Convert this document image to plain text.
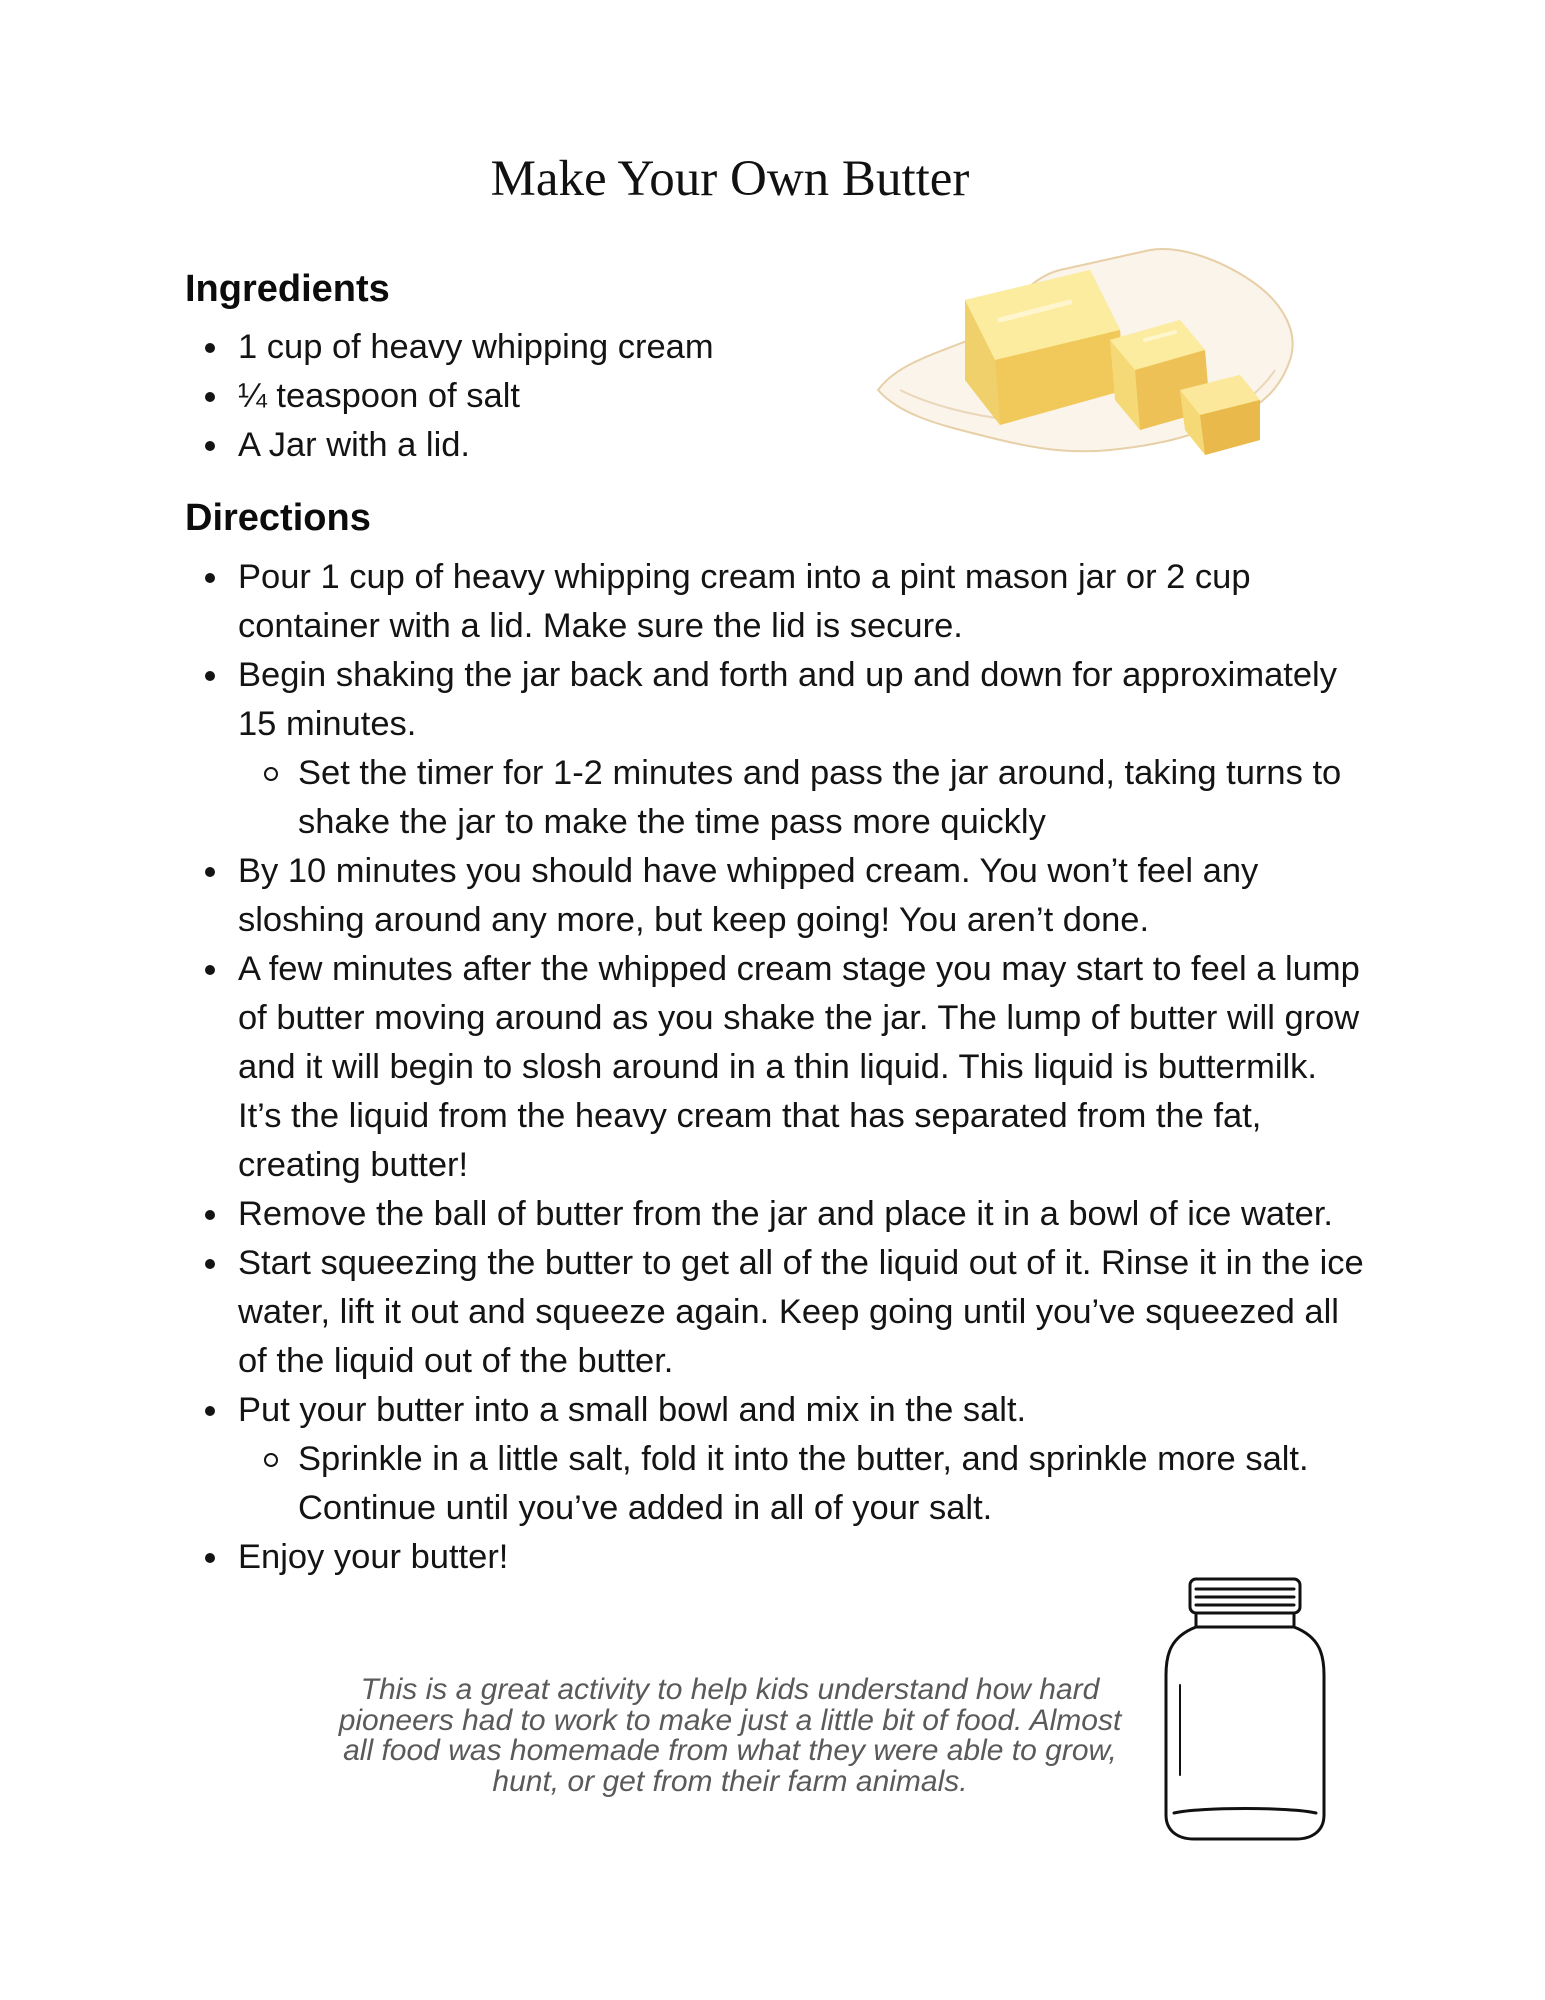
Make Your Own Butter
Ingredients
1 cup of heavy whipping cream
¼ teaspoon of salt
A Jar with a lid.
Directions
Pour 1 cup of heavy whipping cream into a pint mason jar or 2 cup container with a lid. Make sure the lid is secure.
Begin shaking the jar back and forth and up and down for approximately 15 minutes.
Set the timer for 1-2 minutes and pass the jar around, taking turns to shake the jar to make the time pass more quickly
By 10 minutes you should have whipped cream. You won’t feel any sloshing around any more, but keep going! You aren’t done.
A few minutes after the whipped cream stage you may start to feel a lump of butter moving around as you shake the jar. The lump of butter will grow and it will begin to slosh around in a thin liquid. This liquid is buttermilk. It’s the liquid from the heavy cream that has separated from the fat, creating butter!
Remove the ball of butter from the jar and place it in a bowl of ice water.
Start squeezing the butter to get all of the liquid out of it. Rinse it in the ice water, lift it out and squeeze again. Keep going until you’ve squeezed all of the liquid out of the butter.
Put your butter into a small bowl and mix in the salt.
Sprinkle in a little salt, fold it into the butter, and sprinkle more salt. Continue until you’ve added in all of your salt.
Enjoy your butter!

This is a great activity to help kids understand how hard pioneers had to work to make just a little bit of food. Almost all food was homemade from what they were able to grow, hunt, or get from their farm animals.
